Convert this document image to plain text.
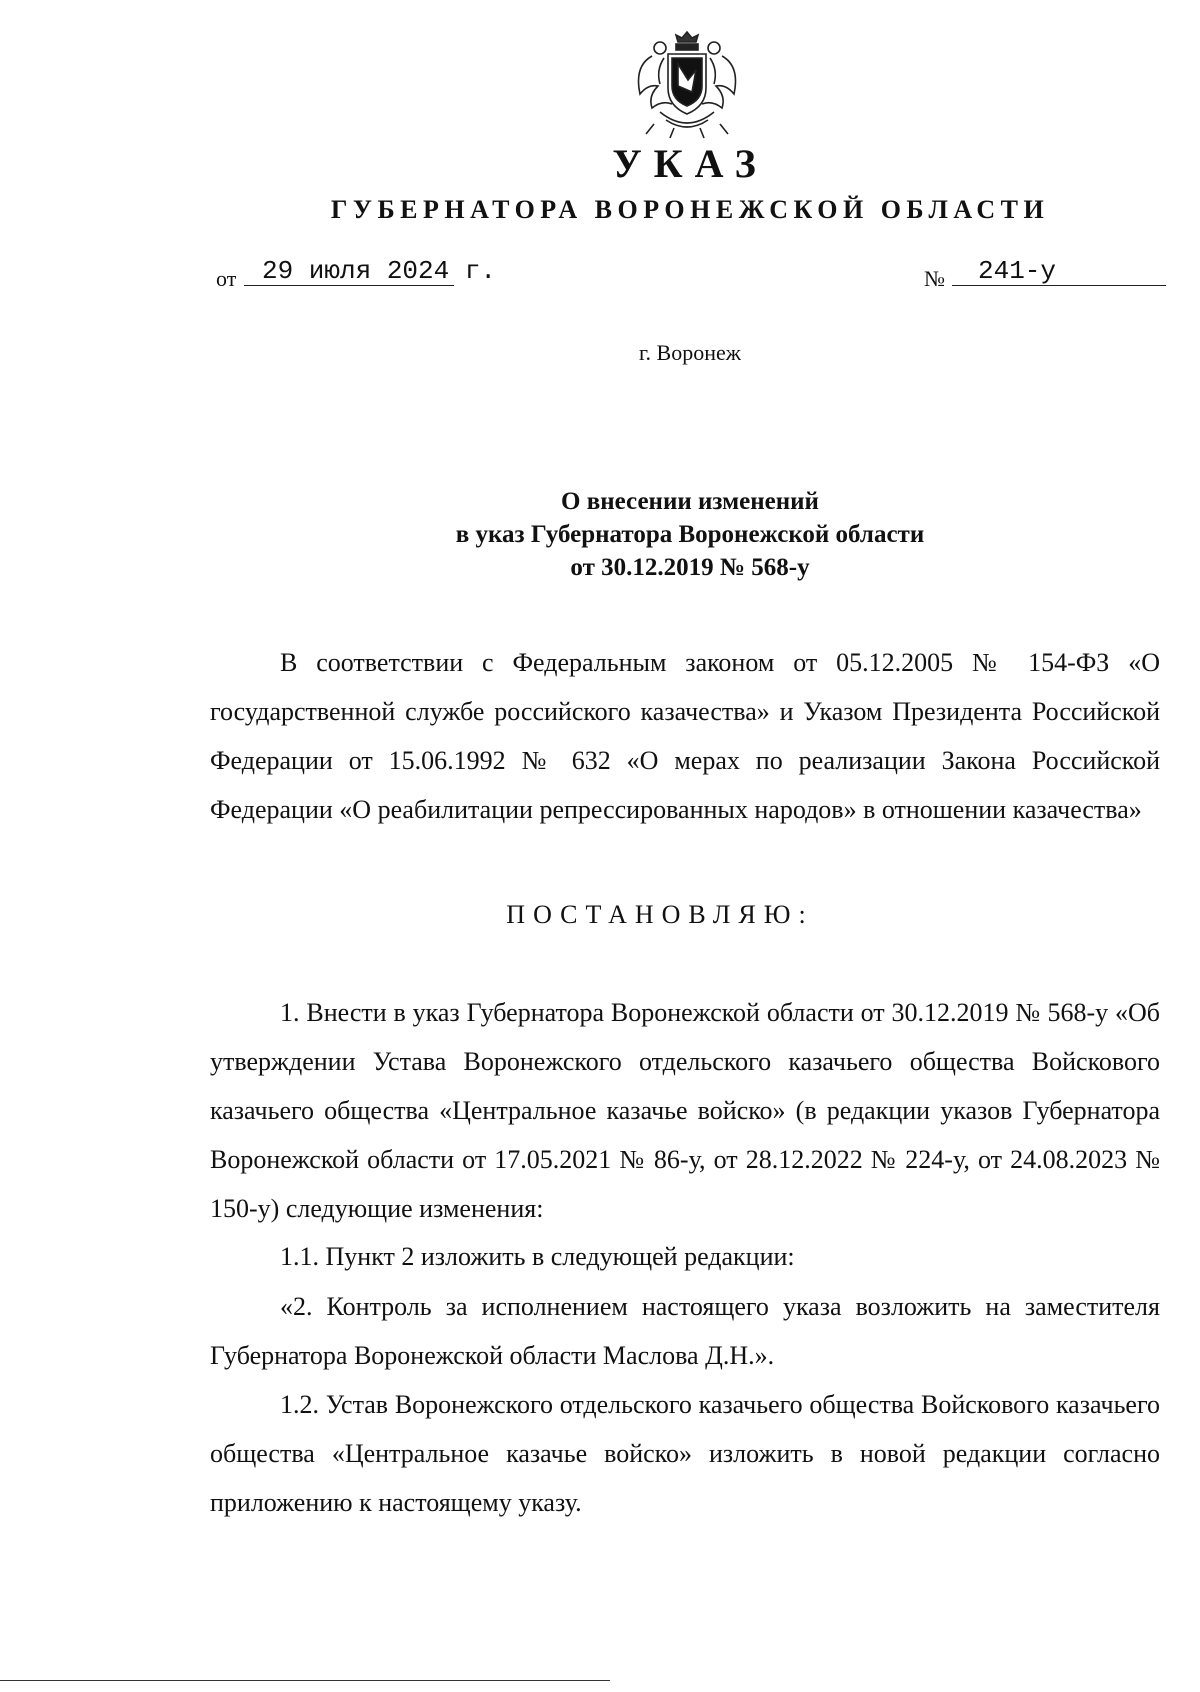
УКАЗ
ГУБЕРНАТОРА ВОРОНЕЖСКОЙ ОБЛАСТИ
от 29 июля 2024 г.	№ 241-у
г. Воронеж
О внесении изменений
в указ Губернатора Воронежской области
от 30.12.2019 № 568-у
В соответствии с Федеральным законом от 05.12.2005 № 154-ФЗ «О государственной службе российского казачества» и Указом Президента Российской Федерации от 15.06.1992 № 632 «О мерах по реализации Закона Российской Федерации «О реабилитации репрессированных народов» в отношении казачества»
ПОСТАНОВЛЯЮ:
1. Внести в указ Губернатора Воронежской области от 30.12.2019 № 568-у «Об утверждении Устава Воронежского отдельского казачьего общества Войскового казачьего общества «Центральное казачье войско» (в редакции указов Губернатора Воронежской области от 17.05.2021 № 86-у, от 28.12.2022 № 224-у, от 24.08.2023 № 150-у) следующие изменения:
1.1. Пункт 2 изложить в следующей редакции:
«2. Контроль за исполнением настоящего указа возложить на заместителя Губернатора Воронежской области Маслова Д.Н.».
1.2. Устав Воронежского отдельского казачьего общества Войскового казачьего общества «Центральное казачье войско» изложить в новой редакции согласно приложению к настоящему указу.
